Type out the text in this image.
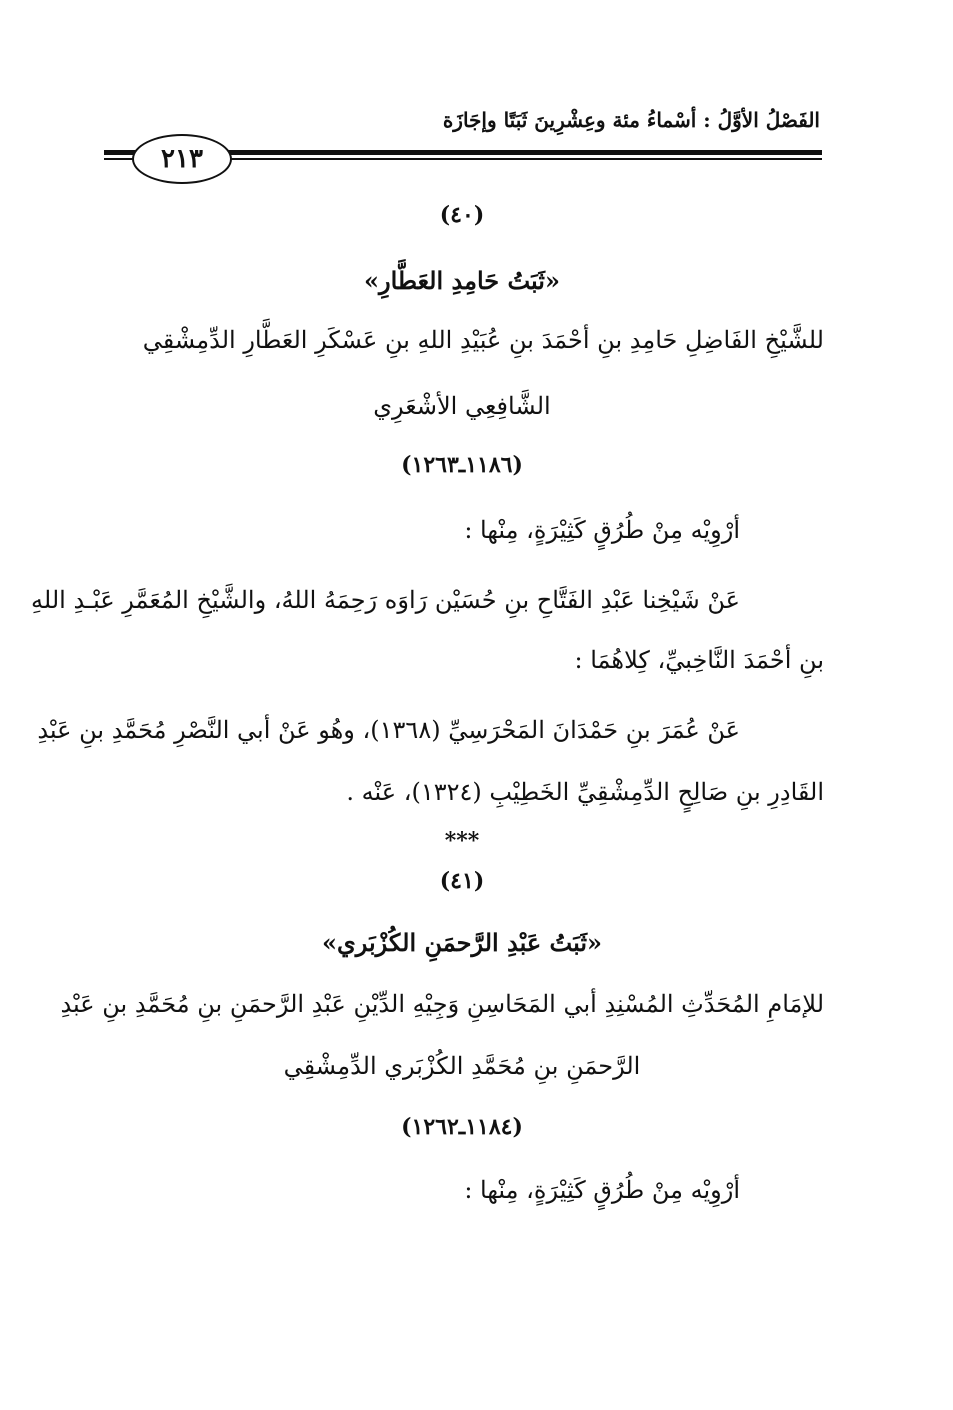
الفَصْلُ الأوَّلُ : أسْماءُ مئة وعِشْرِينَ ثَبَتًا وإجَازَة
٢١٣
(٤٠)
«ثَبَتُ حَامِدِ العَطَّارِ»
للشَّيْخِ الفَاضِلِ حَامِدِ بنِ أحْمَدَ بنِ عُبَيْدِ اللهِ بنِ عَسْكَرِ العَطَّارِ الدِّمِشْقِي
الشَّافِعِي الأشْعَرِي
(١١٨٦ـ١٢٦٣)
أرْوِيْه مِنْ طُرُقٍ كَثِيْرَةٍ، مِنْها :
عَنْ شَيْخِنا عَبْدِ الفَتَّاحِ بنِ حُسَيْن رَاوَه رَحِمَهُ اللهُ، والشَّيْخِ المُعَمَّرِ عَبْـدِ اللهِ
بنِ أحْمَدَ النَّاخِبيِّ، كِلاهُمَا :
عَنْ عُمَرَ بنِ حَمْدَانَ المَحْرَسِيِّ (١٣٦٨)، وهُو عَنْ أبي النَّصْرِ مُحَمَّدِ بنِ عَبْدِ
القَادِرِ بنِ صَالِحٍ الدِّمِشْقِيِّ الخَطِيْبِ (١٣٢٤)، عَنْه .
***
(٤١)
«ثَبَتُ عَبْدِ الرَّحمَنِ الكُزْبَري»
للإمَامِ المُحَدِّثِ المُسْنِدِ أبي المَحَاسِنِ وَجِيْهِ الدِّيْنِ عَبْدِ الرَّحمَنِ بنِ مُحَمَّدِ بنِ عَبْدِ
الرَّحمَنِ بنِ مُحَمَّدِ الكُزْبَري الدِّمِشْقِي
(١١٨٤ـ١٢٦٢)
أرْوِيْه مِنْ طُرُقٍ كَثِيْرَةٍ، مِنْها :
